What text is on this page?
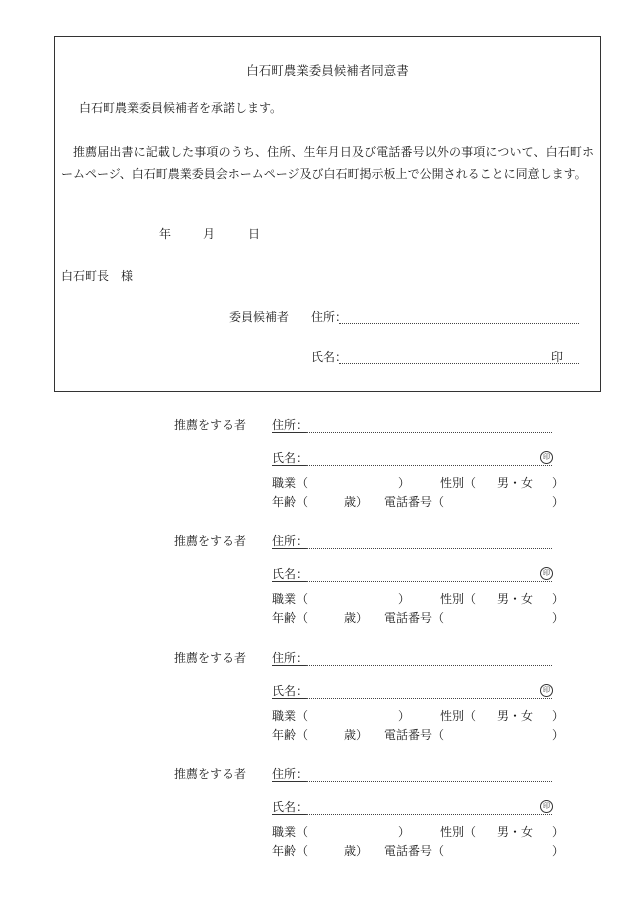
白石町農業委員候補者同意書
白石町農業委員候補者を承諾します。
推薦届出書に記載した事項のうち、住所、生年月日及び電話番号以外の事項について、白石町ホームページ、白石町農業委員会ホームページ及び白石町掲示板上で公開されることに同意します。
年	月	日
白石町長　様
委員候補者 住所：
氏名：	印
推薦をする者 住所：
氏名：
職業（	） 性別（ 男・女 ）
年齢（	歳） 電話番号（	）
印
推薦をする者 住所：
氏名：
職業（	） 性別（ 男・女 ）
年齢（	歳） 電話番号（	）
印
推薦をする者 住所：
氏名：
職業（	） 性別（ 男・女 ）
年齢（	歳） 電話番号（	）
印
推薦をする者 住所：
氏名：
職業（	） 性別（ 男・女 ）
年齢（	歳） 電話番号（	）
印
